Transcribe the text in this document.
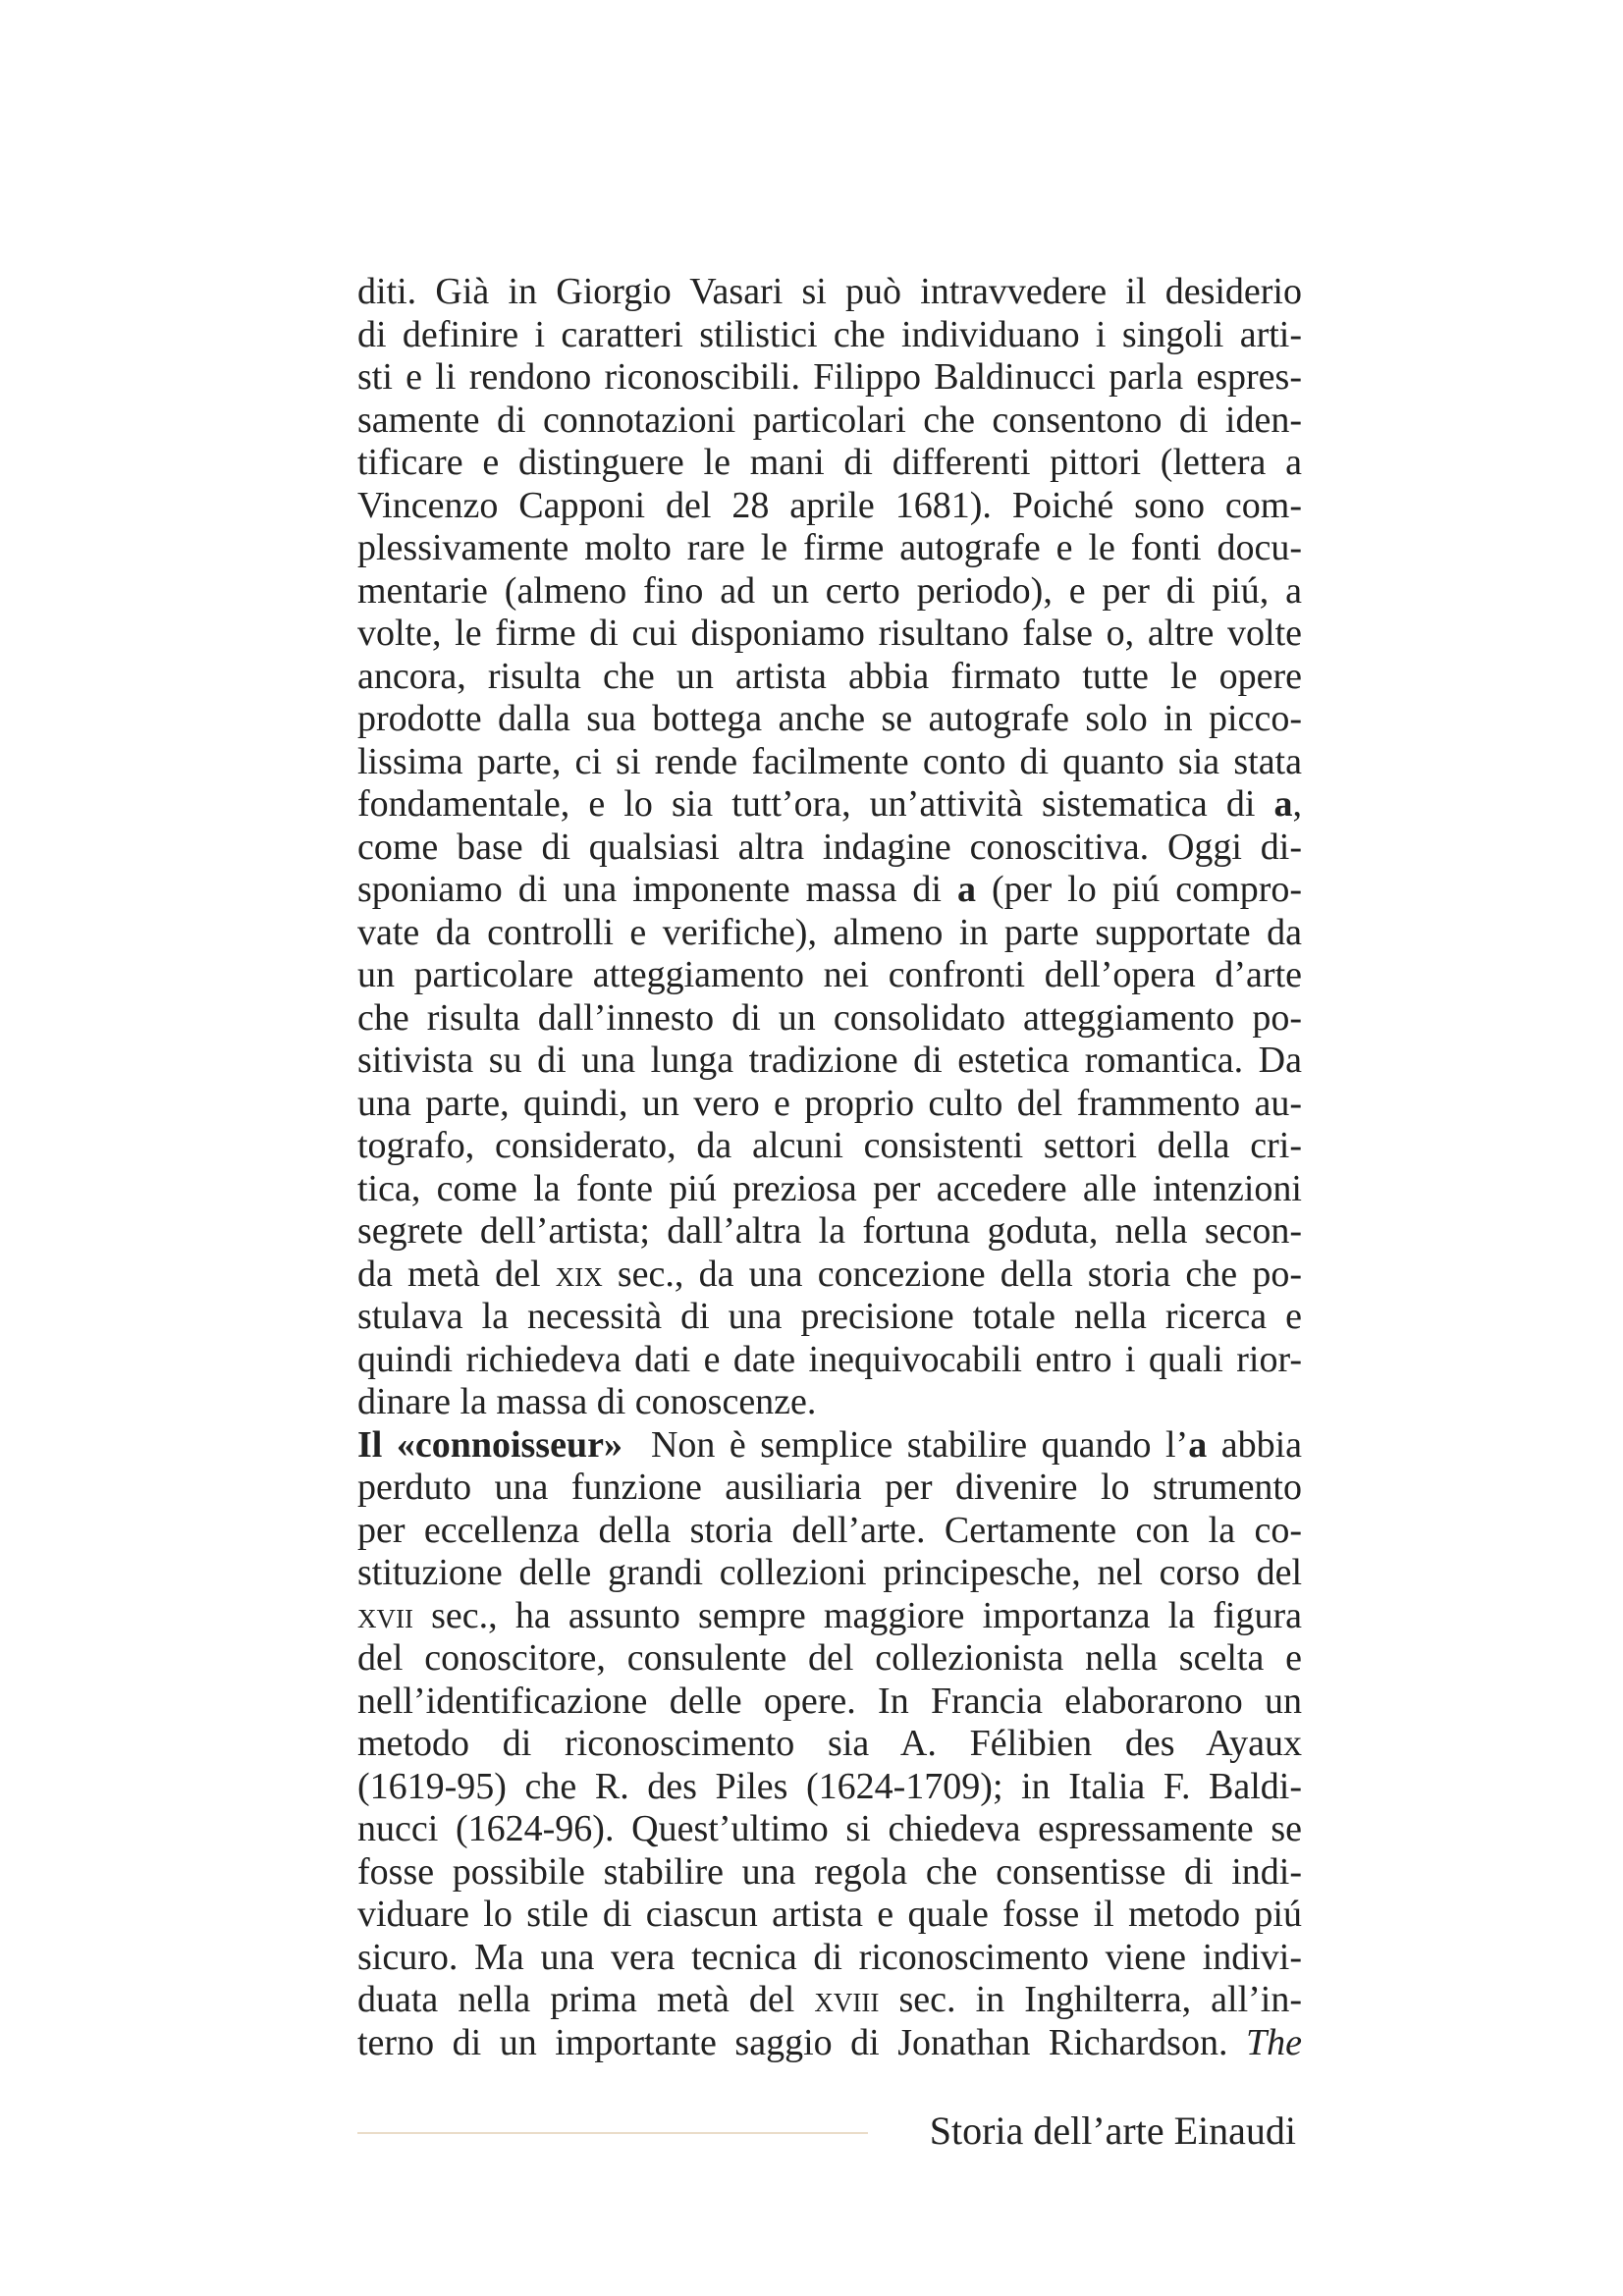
diti. Già in Giorgio Vasari si può intravvedere il desiderio
di definire i caratteri stilistici che individuano i singoli arti-
sti e li rendono riconoscibili. Filippo Baldinucci parla espres-
samente di connotazioni particolari che consentono di iden-
tificare e distinguere le mani di differenti pittori (lettera a
Vincenzo Capponi del 28 aprile 1681). Poiché sono com-
plessivamente molto rare le firme autografe e le fonti docu-
mentarie (almeno fino ad un certo periodo), e per di piú, a
volte, le firme di cui disponiamo risultano false o, altre volte
ancora, risulta che un artista abbia firmato tutte le opere
prodotte dalla sua bottega anche se autografe solo in picco-
lissima parte, ci si rende facilmente conto di quanto sia stata
fondamentale, e lo sia tutt’ora, un’attività sistematica di a,
come base di qualsiasi altra indagine conoscitiva. Oggi di-
sponiamo di una imponente massa di a (per lo piú compro-
vate da controlli e verifiche), almeno in parte supportate da
un particolare atteggiamento nei confronti dell’opera d’arte
che risulta dall’innesto di un consolidato atteggiamento po-
sitivista su di una lunga tradizione di estetica romantica. Da
una parte, quindi, un vero e proprio culto del frammento au-
tografo, considerato, da alcuni consistenti settori della cri-
tica, come la fonte piú preziosa per accedere alle intenzioni
segrete dell’artista; dall’altra la fortuna goduta, nella secon-
da metà del xix sec., da una concezione della storia che po-
stulava la necessità di una precisione totale nella ricerca e
quindi richiedeva dati e date inequivocabili entro i quali rior-
dinare la massa di conoscenze.
Il «connoisseur»  Non è semplice stabilire quando l’a abbia
perduto una funzione ausiliaria per divenire lo strumento
per eccellenza della storia dell’arte. Certamente con la co-
stituzione delle grandi collezioni principesche, nel corso del
xvii sec., ha assunto sempre maggiore importanza la figura
del conoscitore, consulente del collezionista nella scelta e
nell’identificazione delle opere. In Francia elaborarono un
metodo di riconoscimento sia A. Félibien des Ayaux
(1619-95) che R. des Piles (1624-1709); in Italia F. Baldi-
nucci (1624-96). Quest’ultimo si chiedeva espressamente se
fosse possibile stabilire una regola che consentisse di indi-
viduare lo stile di ciascun artista e quale fosse il metodo piú
sicuro. Ma una vera tecnica di riconoscimento viene indivi-
duata nella prima metà del xviii sec. in Inghilterra, all’in-
terno di un importante saggio di Jonathan Richardson. The
Storia dell’arte Einaudi
